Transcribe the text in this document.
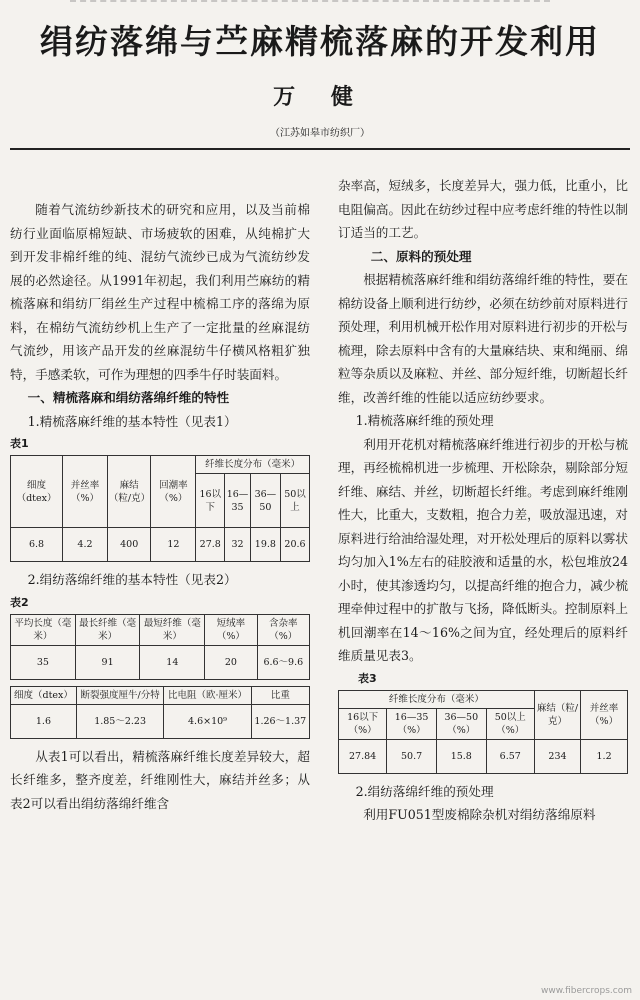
绢纺落绵与苎麻精梳落麻的开发利用
万 健
（江苏如皋市纺织厂）

随着气流纺纱新技术的研究和应用，以及当前棉纺行业面临原棉短缺、市场疲软的困难，从纯棉扩大到开发非棉纤维的纯、混纺气流纱已成为气流纺纱发展的必然途径。从1991年初起，我们利用苎麻纺的精梳落麻和绢纺厂绢丝生产过程中梳棉工序的落绵为原料，在棉纺气流纺纱机上生产了一定批量的丝麻混纺气流纱，用该产品开发的丝麻混纺牛仔横风格粗犷独特，手感柔软，可作为理想的四季牛仔时装面料。

一、精梳落麻和绢纺落绵纤维的特性

1.精梳落麻纤维的基本特性（见表1）

表1

细度（dtex）	并丝率（%）	麻结（粒/克）	回潮率（%）	纤维长度分布（毫米）			
				16以下	16—35	36—50	50以上
6.8	4.2	400	12	27.8	32	19.8	20.6

2.绢纺落绵纤维的基本特性（见表2）

表2

平均长度（毫米）	最长纤维（毫米）	最短纤维（毫米）	短绒率（%）	含杂率（%）
35	91	14	20	6.6～9.6
细度（dtex）	断裂强度厘牛/分特	比电阻（欧·厘米）	比重
1.6	1.85～2.23	4.6×10⁹	1.26～1.37

从表1可以看出，精梳落麻纤维长度差异较大，超长纤维多，整齐度差，纤维刚性大，麻结并丝多；从表2可以看出绢纺落绵纤维含

杂率高，短绒多，长度差异大，强力低，比重小，比电阻偏高。因此在纺纱过程中应考虑纤维的特性以制订适当的工艺。

二、原料的预处理

根据精梳落麻纤维和绢纺落绵纤维的特性，要在棉纺设备上顺利进行纺纱，必须在纺纱前对原料进行预处理，利用机械开松作用对原料进行初步的开松与梳理，除去原料中含有的大量麻结块、束和绳丽、绵粒等杂质以及麻粒、并丝、部分短纤维，切断超长纤维，改善纤维的性能以适应纺纱要求。

1.精梳落麻纤维的预处理

利用开花机对精梳落麻纤维进行初步的开松与梳理，再经梳棉机进一步梳理、开松除杂，剔除部分短纤维、麻结、并丝，切断超长纤维。考虑到麻纤维刚性大，比重大，支数粗，抱合力差，吸放湿迅速，对原料进行给油给湿处理，对开松处理后的原料以雾状均匀加入1%左右的硅胶液和适量的水，松包堆放24小时，使其渗透均匀，以提高纤维的抱合力，减少梳理牵伸过程中的扩散与飞扬，降低断头。控制原料上机回潮率在14～16%之间为宜，经处理后的原料纤维质量见表3。

表3

纤维长度分布（毫米）				麻结（粒/克）	并丝率（%）
16以下（%）	16—35（%）	36—50（%）	50以上（%）		
27.84	50.7	15.8	6.57	234	1.2

2.绢纺落绵纤维的预处理

利用FU051型废棉除杂机对绢纺落绵原料

www.fibercrops.com
